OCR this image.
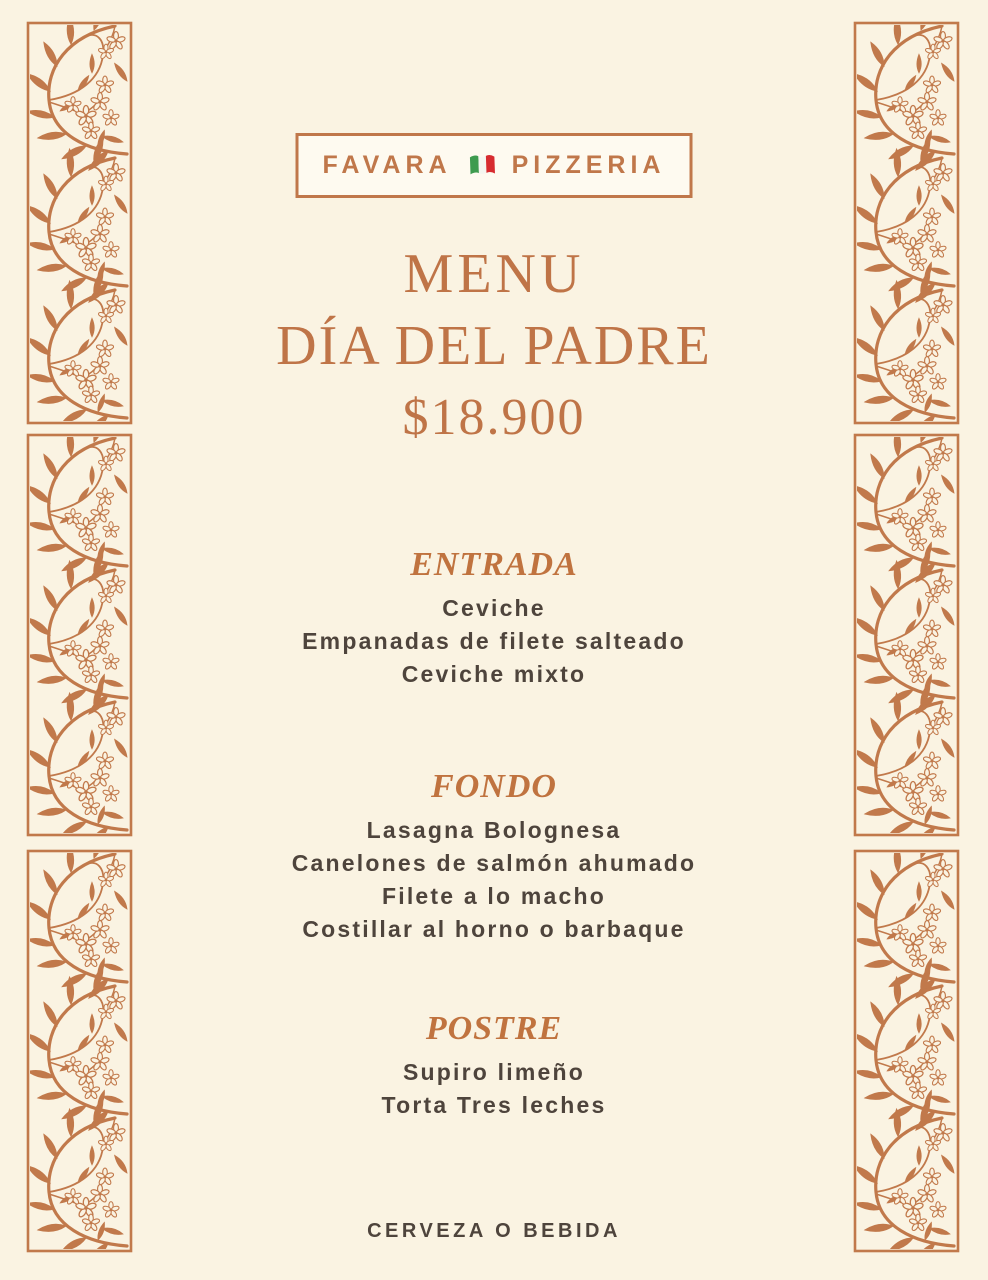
FAVARA PIZZERIA
MENU
DÍA DEL PADRE
$18.900
ENTRADA
Ceviche
Empanadas de filete salteado
Ceviche mixto
FONDO
Lasagna Bolognesa
Canelones de salmón ahumado
Filete a lo macho
Costillar al horno o barbaque
POSTRE
Supiro limeño
Torta Tres leches
CERVEZA O BEBIDA
